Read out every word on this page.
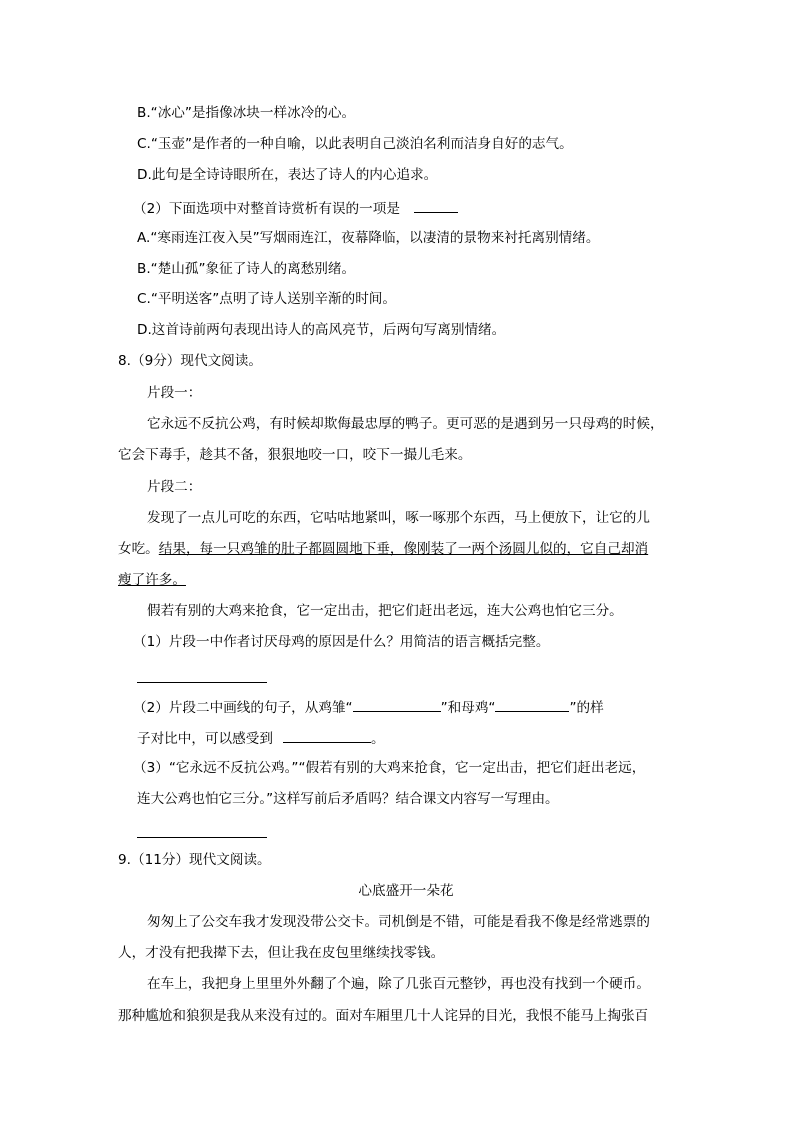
B.“冰心”是指像冰块一样冰冷的心。
C.“玉壶”是作者的一种自喻，以此表明自己淡泊名利而洁身自好的志气。
D.此句是全诗诗眼所在，表达了诗人的内心追求。
（2）下面选项中对整首诗赏析有误的一项是
A.“寒雨连江夜入吴”写烟雨连江，夜幕降临，以凄清的景物来衬托离别情绪。
B.“楚山孤”象征了诗人的离愁别绪。
C.“平明送客”点明了诗人送别辛渐的时间。
D.这首诗前两句表现出诗人的高风亮节，后两句写离别情绪。
8.（9分）现代文阅读。
片段一：
它永远不反抗公鸡，有时候却欺侮最忠厚的鸭子。更可恶的是遇到另一只母鸡的时候，
它会下毒手，趁其不备，狠狠地咬一口，咬下一撮儿毛来。
片段二：
发现了一点儿可吃的东西，它咕咕地紧叫，啄一啄那个东西，马上便放下，让它的儿
女吃。结果，每一只鸡雏的肚子都圆圆地下垂，像刚装了一两个汤圆儿似的，它自己却消
瘦了许多。
假若有别的大鸡来抢食，它一定出击，把它们赶出老远，连大公鸡也怕它三分。
（1）片段一中作者讨厌母鸡的原因是什么？用简洁的语言概括完整。
（2）片段二中画线的句子，从鸡雏“	”和母鸡“	”的样
子对比中，可以感受到	。
（3）“它永远不反抗公鸡。”“假若有别的大鸡来抢食，它一定出击，把它们赶出老远，
连大公鸡也怕它三分。”这样写前后矛盾吗？结合课文内容写一写理由。
9.（11分）现代文阅读。
心底盛开一朵花
匆匆上了公交车我才发现没带公交卡。司机倒是不错，可能是看我不像是经常逃票的
人，才没有把我撵下去，但让我在皮包里继续找零钱。
在车上，我把身上里里外外翻了个遍，除了几张百元整钞，再也没有找到一个硬币。
那种尴尬和狼狈是我从来没有过的。面对车厢里几十人诧异的目光，我恨不能马上掏张百
